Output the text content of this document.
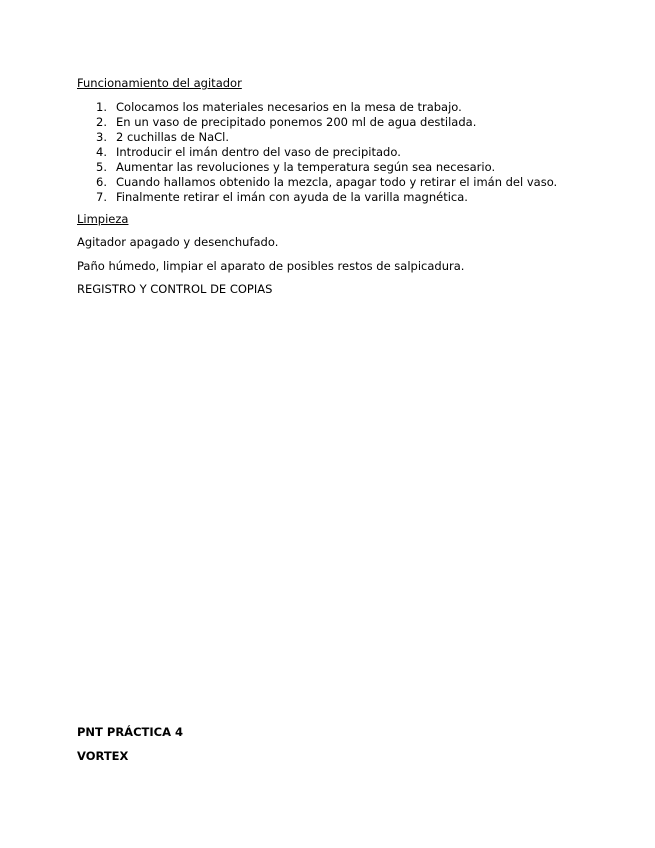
Funcionamiento del agitador
1. Colocamos los materiales necesarios en la mesa de trabajo.
2. En un vaso de precipitado ponemos 200 ml de agua destilada.
3. 2 cuchillas de NaCl.
4. Introducir el imán dentro del vaso de precipitado.
5. Aumentar las revoluciones y la temperatura según sea necesario.
6. Cuando hallamos obtenido la mezcla, apagar todo y retirar el imán del vaso.
7. Finalmente retirar el imán con ayuda de la varilla magnética.
Limpieza
Agitador apagado y desenchufado.
Paño húmedo, limpiar el aparato de posibles restos de salpicadura.
REGISTRO Y CONTROL DE COPIAS
PNT PRÁCTICA 4
VORTEX
